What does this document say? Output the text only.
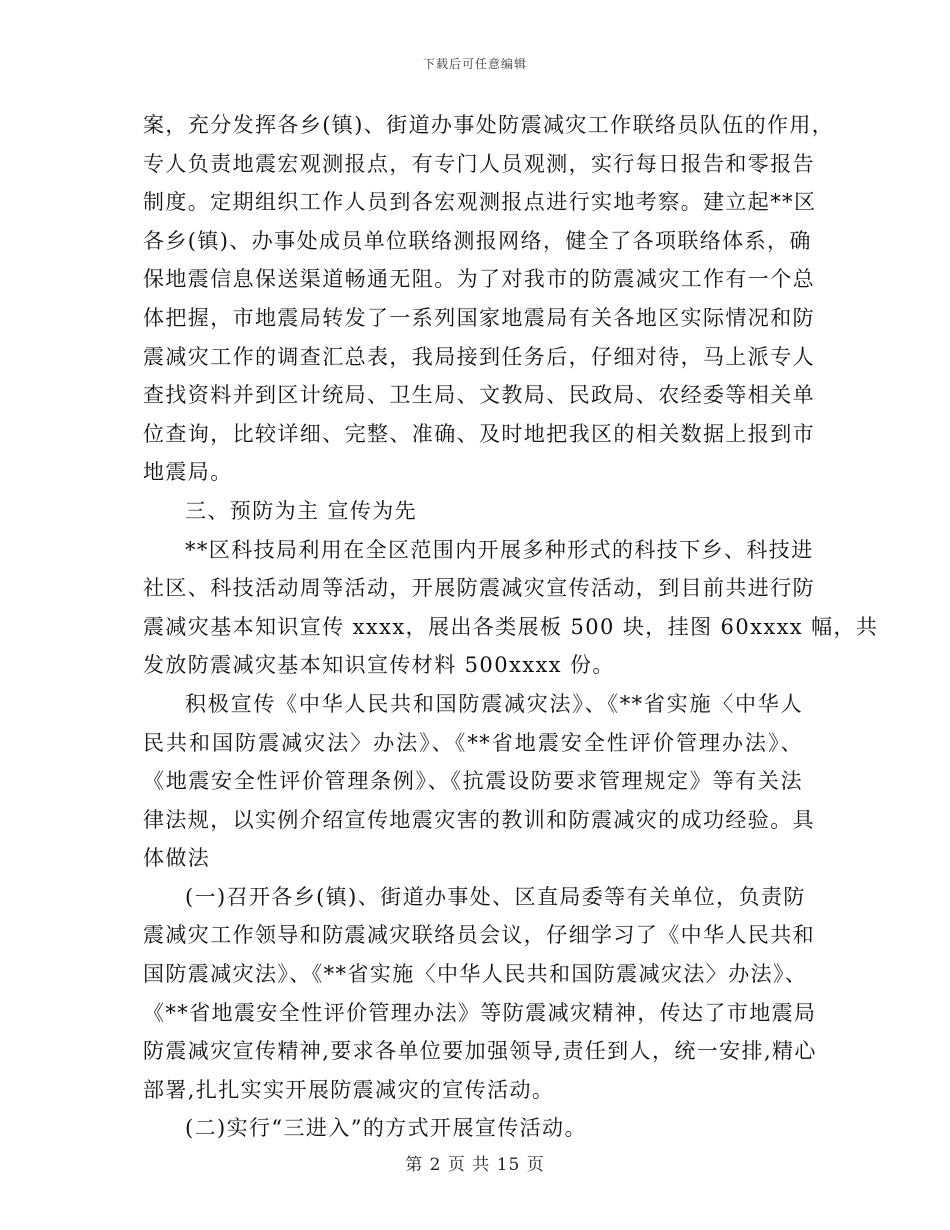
下载后可任意编辑
案，充分发挥各乡(镇)、街道办事处防震减灾工作联络员队伍的作用，
专人负责地震宏观测报点，有专门人员观测，实行每日报告和零报告
制度。定期组织工作人员到各宏观测报点进行实地考察。建立起**区
各乡(镇)、办事处成员单位联络测报网络，健全了各项联络体系，确
保地震信息保送渠道畅通无阻。为了对我市的防震减灾工作有一个总
体把握，市地震局转发了一系列国家地震局有关各地区实际情况和防
震减灾工作的调查汇总表，我局接到任务后，仔细对待，马上派专人
查找资料并到区计统局、卫生局、文教局、民政局、农经委等相关单
位查询，比较详细、完整、准确、及时地把我区的相关数据上报到市
地震局。
三、预防为主 宣传为先
**区科技局利用在全区范围内开展多种形式的科技下乡、科技进
社区、科技活动周等活动，开展防震减灾宣传活动，到目前共进行防
震减灾基本知识宣传 xxxx，展出各类展板 500 块，挂图 60xxxx 幅，共
发放防震减灾基本知识宣传材料 500xxxx 份。
积极宣传《中华人民共和国防震减灾法》、《**省实施〈中华人
民共和国防震减灾法〉办法》、《**省地震安全性评价管理办法》、
《地震安全性评价管理条例》、《抗震设防要求管理规定》等有关法
律法规，以实例介绍宣传地震灾害的教训和防震减灾的成功经验。具
体做法
(一)召开各乡(镇)、街道办事处、区直局委等有关单位，负责防
震减灾工作领导和防震减灾联络员会议，仔细学习了《中华人民共和
国防震减灾法》、《**省实施〈中华人民共和国防震减灾法〉办法》、
《**省地震安全性评价管理办法》等防震减灾精神，传达了市地震局
防震减灾宣传精神,要求各单位要加强领导,责任到人，统一安排,精心
部署,扎扎实实开展防震减灾的宣传活动。
(二)实行“三进入”的方式开展宣传活动。
第 2 页 共 15 页
